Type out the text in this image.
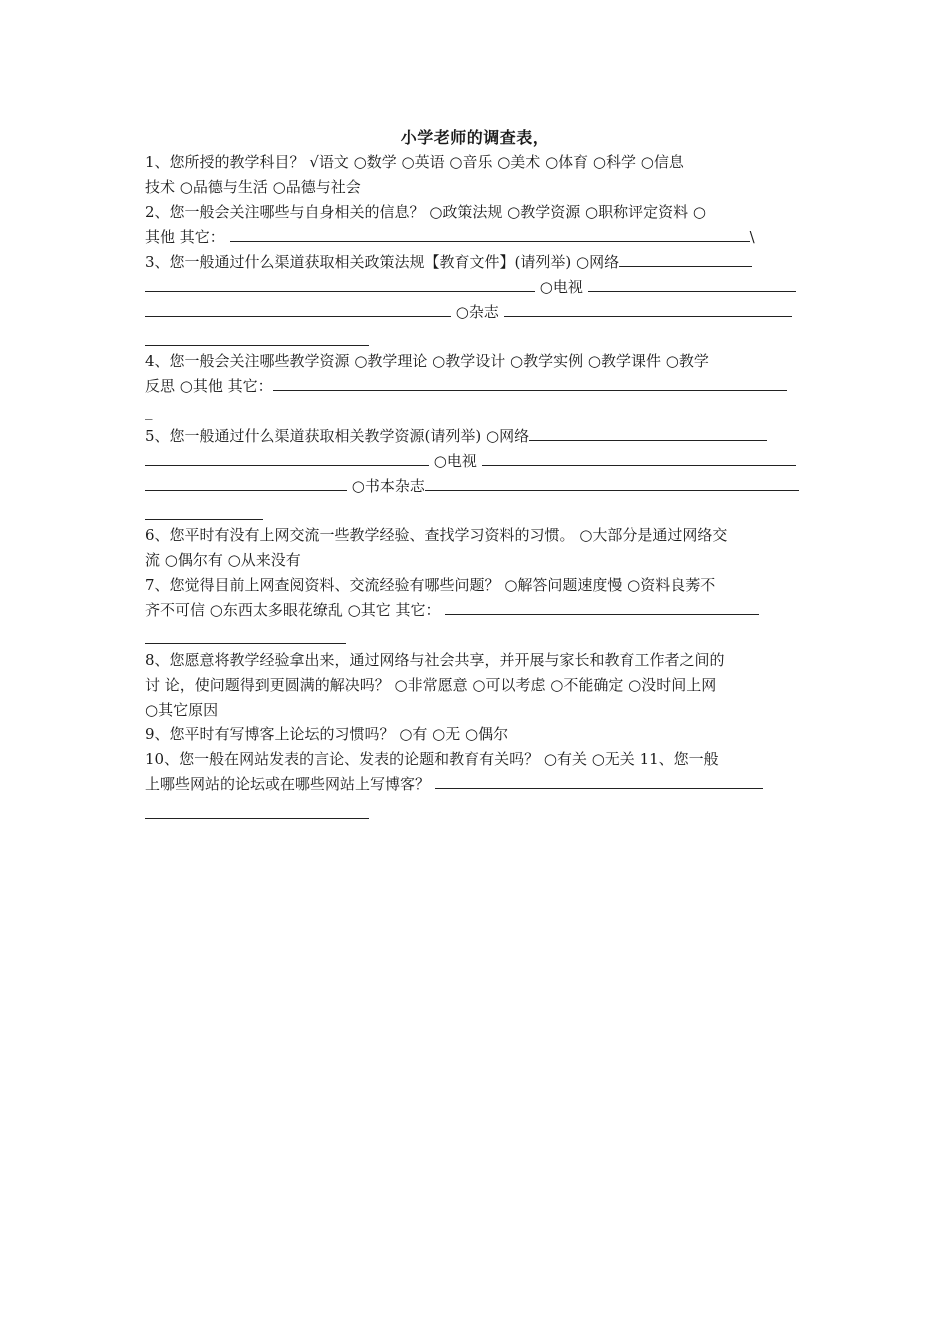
小学老师的调查表，
1、您所授的教学科目？ √语文 ○数学 ○英语 ○音乐 ○美术 ○体育 ○科学 ○信息
技术 ○品德与生活 ○品德与社会
2、您一般会关注哪些与自身相关的信息？ ○政策法规 ○教学资源 ○职称评定资料 ○
其他 其它：	\
3、您一般通过什么渠道获取相关政策法规【教育文件】(请列举) ○网络
○电视
○杂志
4、您一般会关注哪些教学资源 ○教学理论 ○教学设计 ○教学实例 ○教学课件 ○教学
反思 ○其他 其它：
_
5、您一般通过什么渠道获取相关教学资源(请列举) ○网络
○电视
○书本杂志
6、您平时有没有上网交流一些教学经验、查找学习资料的习惯。 ○大部分是通过网络交
流 ○偶尔有 ○从来没有
7、您觉得目前上网查阅资料、交流经验有哪些问题？ ○解答问题速度慢 ○资料良莠不
齐不可信 ○东西太多眼花缭乱 ○其它 其它：
8、您愿意将教学经验拿出来，通过网络与社会共享，并开展与家长和教育工作者之间的
讨 论，使问题得到更圆满的解决吗？ ○非常愿意 ○可以考虑 ○不能确定 ○没时间上网
○其它原因
9、您平时有写博客上论坛的习惯吗？ ○有 ○无 ○偶尔
10、您一般在网站发表的言论、发表的论题和教育有关吗？ ○有关 ○无关 11、您一般
上哪些网站的论坛或在哪些网站上写博客？
